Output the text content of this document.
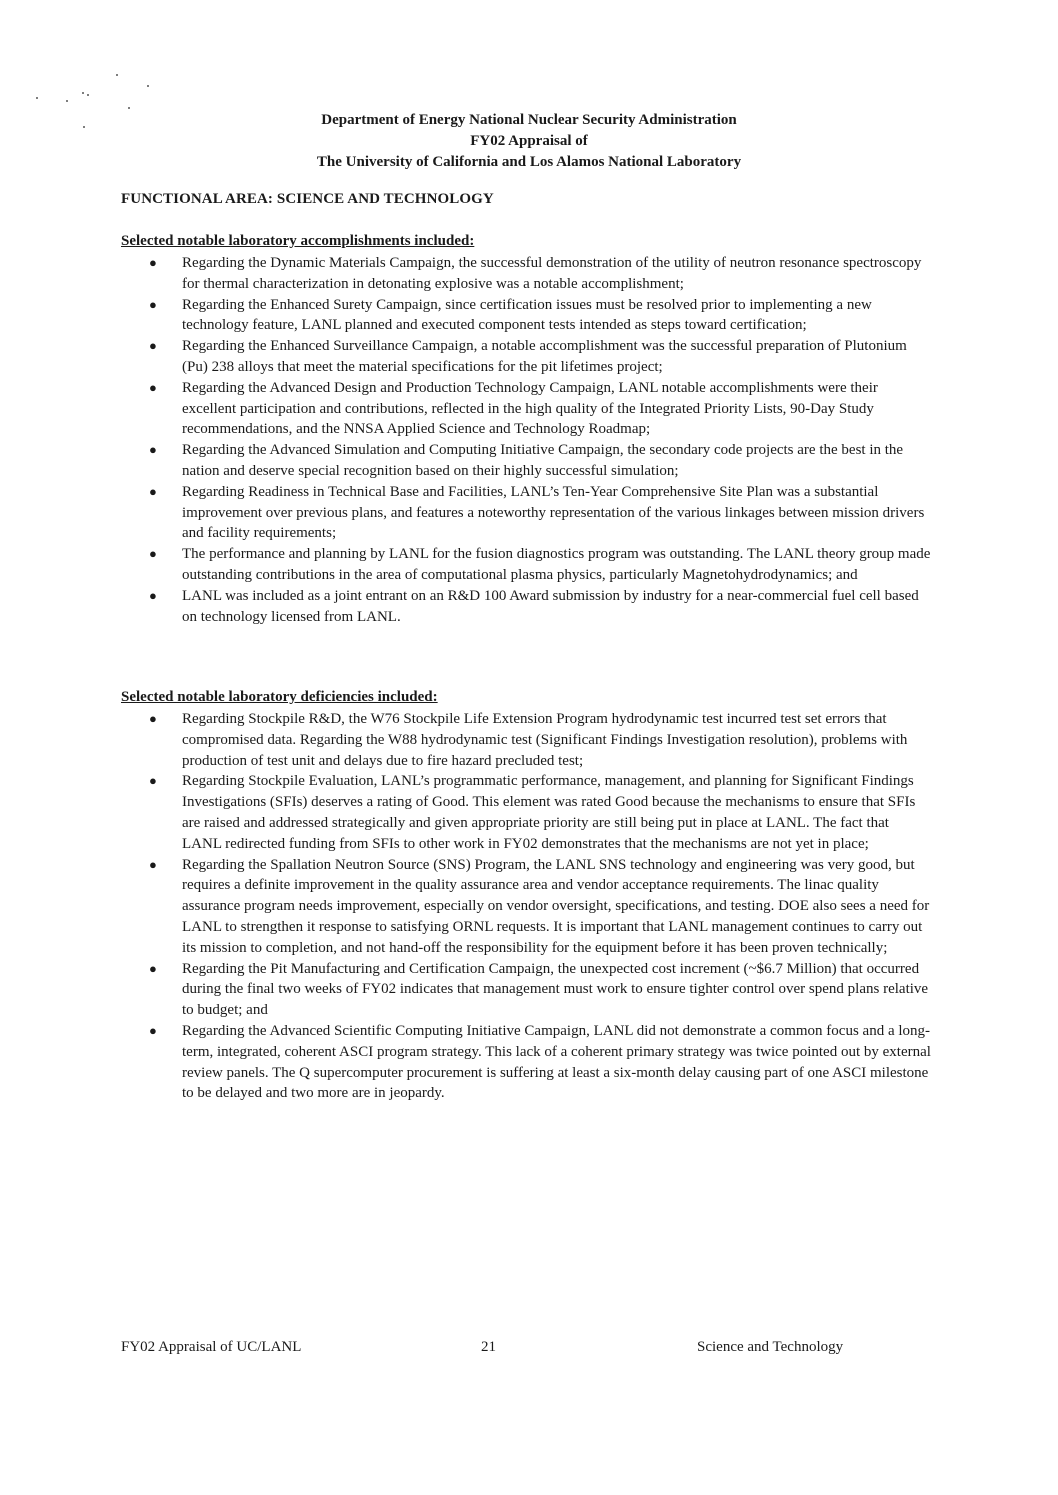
Department of Energy National Nuclear Security Administration
FY02 Appraisal of
The University of California and Los Alamos National Laboratory
FUNCTIONAL AREA: SCIENCE AND TECHNOLOGY
Selected notable laboratory accomplishments included:
● Regarding the Dynamic Materials Campaign, the successful demonstration of the utility of neutron resonance spectroscopy for thermal characterization in detonating explosive was a notable accomplishment;
● Regarding the Enhanced Surety Campaign, since certification issues must be resolved prior to implementing a new technology feature, LANL planned and executed component tests intended as steps toward certification;
● Regarding the Enhanced Surveillance Campaign, a notable accomplishment was the successful preparation of Plutonium (Pu) 238 alloys that meet the material specifications for the pit lifetimes project;
● Regarding the Advanced Design and Production Technology Campaign, LANL notable accomplishments were their excellent participation and contributions, reflected in the high quality of the Integrated Priority Lists, 90-Day Study recommendations, and the NNSA Applied Science and Technology Roadmap;
● Regarding the Advanced Simulation and Computing Initiative Campaign, the secondary code projects are the best in the nation and deserve special recognition based on their highly successful simulation;
● Regarding Readiness in Technical Base and Facilities, LANL’s Ten-Year Comprehensive Site Plan was a substantial improvement over previous plans, and features a noteworthy representation of the various linkages between mission drivers and facility requirements;
● The performance and planning by LANL for the fusion diagnostics program was outstanding. The LANL theory group made outstanding contributions in the area of computational plasma physics, particularly Magnetohydrodynamics; and
● LANL was included as a joint entrant on an R&D 100 Award submission by industry for a near-commercial fuel cell based on technology licensed from LANL.
Selected notable laboratory deficiencies included:
● Regarding Stockpile R&D, the W76 Stockpile Life Extension Program hydrodynamic test incurred test set errors that compromised data. Regarding the W88 hydrodynamic test (Significant Findings Investigation resolution), problems with production of test unit and delays due to fire hazard precluded test;
● Regarding Stockpile Evaluation, LANL’s programmatic performance, management, and planning for Significant Findings Investigations (SFIs) deserves a rating of Good. This element was rated Good because the mechanisms to ensure that SFIs are raised and addressed strategically and given appropriate priority are still being put in place at LANL. The fact that LANL redirected funding from SFIs to other work in FY02 demonstrates that the mechanisms are not yet in place;
● Regarding the Spallation Neutron Source (SNS) Program, the LANL SNS technology and engineering was very good, but requires a definite improvement in the quality assurance area and vendor acceptance requirements. The linac quality assurance program needs improvement, especially on vendor oversight, specifications, and testing. DOE also sees a need for LANL to strengthen it response to satisfying ORNL requests. It is important that LANL management continues to carry out its mission to completion, and not hand-off the responsibility for the equipment before it has been proven technically;
● Regarding the Pit Manufacturing and Certification Campaign, the unexpected cost increment (~$6.7 Million) that occurred during the final two weeks of FY02 indicates that management must work to ensure tighter control over spend plans relative to budget; and
● Regarding the Advanced Scientific Computing Initiative Campaign, LANL did not demonstrate a common focus and a long-term, integrated, coherent ASCI program strategy. This lack of a coherent primary strategy was twice pointed out by external review panels. The Q supercomputer procurement is suffering at least a six-month delay causing part of one ASCI milestone to be delayed and two more are in jeopardy.
FY02 Appraisal of UC/LANL	21	Science and Technology
